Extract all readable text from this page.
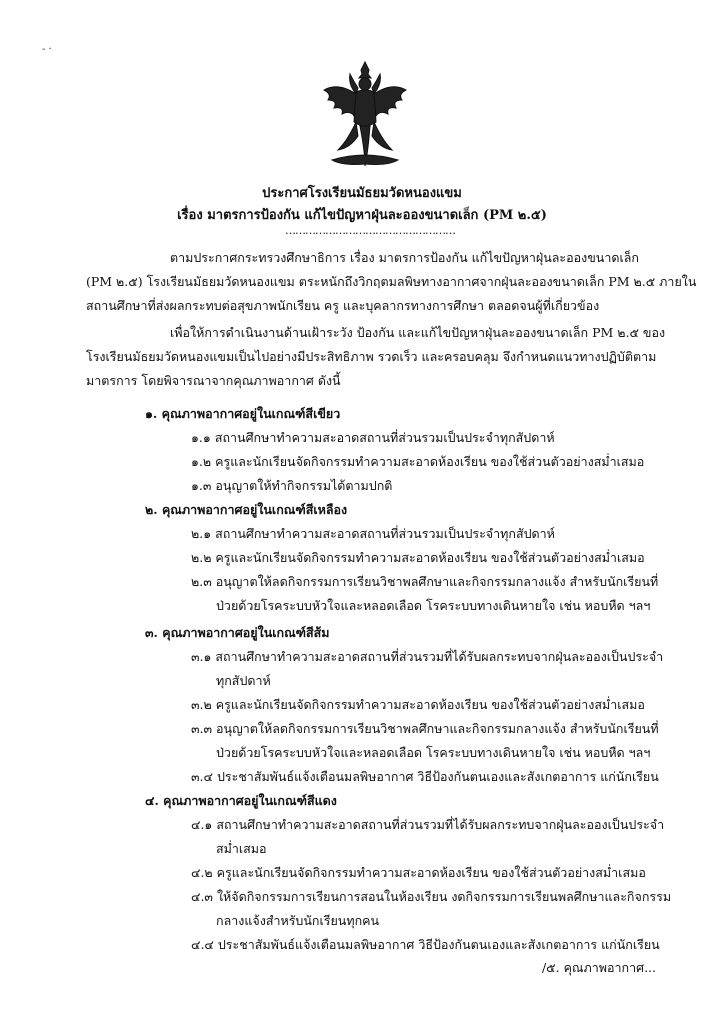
- ·
ประกาศโรงเรียนมัธยมวัดหนองแขม
เรื่อง มาตรการป้องกัน แก้ไขปัญหาฝุ่นละอองขนาดเล็ก (PM ๒.๕)
……………………………………………
ตามประกาศกระทรวงศึกษาธิการ เรื่อง มาตรการป้องกัน แก้ไขปัญหาฝุ่นละอองขนาดเล็ก
(PM ๒.๕) โรงเรียนมัธยมวัดหนองแขม ตระหนักถึงวิกฤตมลพิษทางอากาศจากฝุ่นละอองขนาดเล็ก PM ๒.๕ ภายใน
สถานศึกษาที่ส่งผลกระทบต่อสุขภาพนักเรียน ครู และบุคลากรทางการศึกษา ตลอดจนผู้ที่เกี่ยวข้อง
เพื่อให้การดำเนินงานด้านเฝ้าระวัง ป้องกัน และแก้ไขปัญหาฝุ่นละอองขนาดเล็ก PM ๒.๕ ของ
โรงเรียนมัธยมวัดหนองแขมเป็นไปอย่างมีประสิทธิภาพ รวดเร็ว และครอบคลุม จึงกำหนดแนวทางปฏิบัติตาม
มาตรการ โดยพิจารณาจากคุณภาพอากาศ ดังนี้
๑. คุณภาพอากาศอยู่ในเกณฑ์สีเขียว
๑.๑ สถานศึกษาทำความสะอาดสถานที่ส่วนรวมเป็นประจำทุกสัปดาห์
๑.๒ ครูและนักเรียนจัดกิจกรรมทำความสะอาดห้องเรียน ของใช้ส่วนตัวอย่างสม่ำเสมอ
๑.๓ อนุญาตให้ทำกิจกรรมได้ตามปกติ
๒. คุณภาพอากาศอยู่ในเกณฑ์สีเหลือง
๒.๑ สถานศึกษาทำความสะอาดสถานที่ส่วนรวมเป็นประจำทุกสัปดาห์
๒.๒ ครูและนักเรียนจัดกิจกรรมทำความสะอาดห้องเรียน ของใช้ส่วนตัวอย่างสม่ำเสมอ
๒.๓ อนุญาตให้ลดกิจกรรมการเรียนวิชาพลศึกษาและกิจกรรมกลางแจ้ง สำหรับนักเรียนที่
ป่วยด้วยโรคระบบหัวใจและหลอดเลือด โรคระบบทางเดินหายใจ เช่น หอบหืด ฯลฯ
๓. คุณภาพอากาศอยู่ในเกณฑ์สีส้ม
๓.๑ สถานศึกษาทำความสะอาดสถานที่ส่วนรวมที่ได้รับผลกระทบจากฝุ่นละอองเป็นประจำ
ทุกสัปดาห์
๓.๒ ครูและนักเรียนจัดกิจกรรมทำความสะอาดห้องเรียน ของใช้ส่วนตัวอย่างสม่ำเสมอ
๓.๓ อนุญาตให้ลดกิจกรรมการเรียนวิชาพลศึกษาและกิจกรรมกลางแจ้ง สำหรับนักเรียนที่
ป่วยด้วยโรคระบบหัวใจและหลอดเลือด โรคระบบทางเดินหายใจ เช่น หอบหืด ฯลฯ
๓.๔ ประชาสัมพันธ์แจ้งเตือนมลพิษอากาศ วิธีป้องกันตนเองและสังเกตอาการ แก่นักเรียน
๔. คุณภาพอากาศอยู่ในเกณฑ์สีแดง
๔.๑ สถานศึกษาทำความสะอาดสถานที่ส่วนรวมที่ได้รับผลกระทบจากฝุ่นละอองเป็นประจำ
สม่ำเสมอ
๔.๒ ครูและนักเรียนจัดกิจกรรมทำความสะอาดห้องเรียน ของใช้ส่วนตัวอย่างสม่ำเสมอ
๔.๓ ให้จัดกิจกรรมการเรียนการสอนในห้องเรียน งดกิจกรรมการเรียนพลศึกษาและกิจกรรม
กลางแจ้งสำหรับนักเรียนทุกคน
๔.๔ ประชาสัมพันธ์แจ้งเตือนมลพิษอากาศ วิธีป้องกันตนเองและสังเกตอาการ แก่นักเรียน
/๕. คุณภาพอากาศ...
